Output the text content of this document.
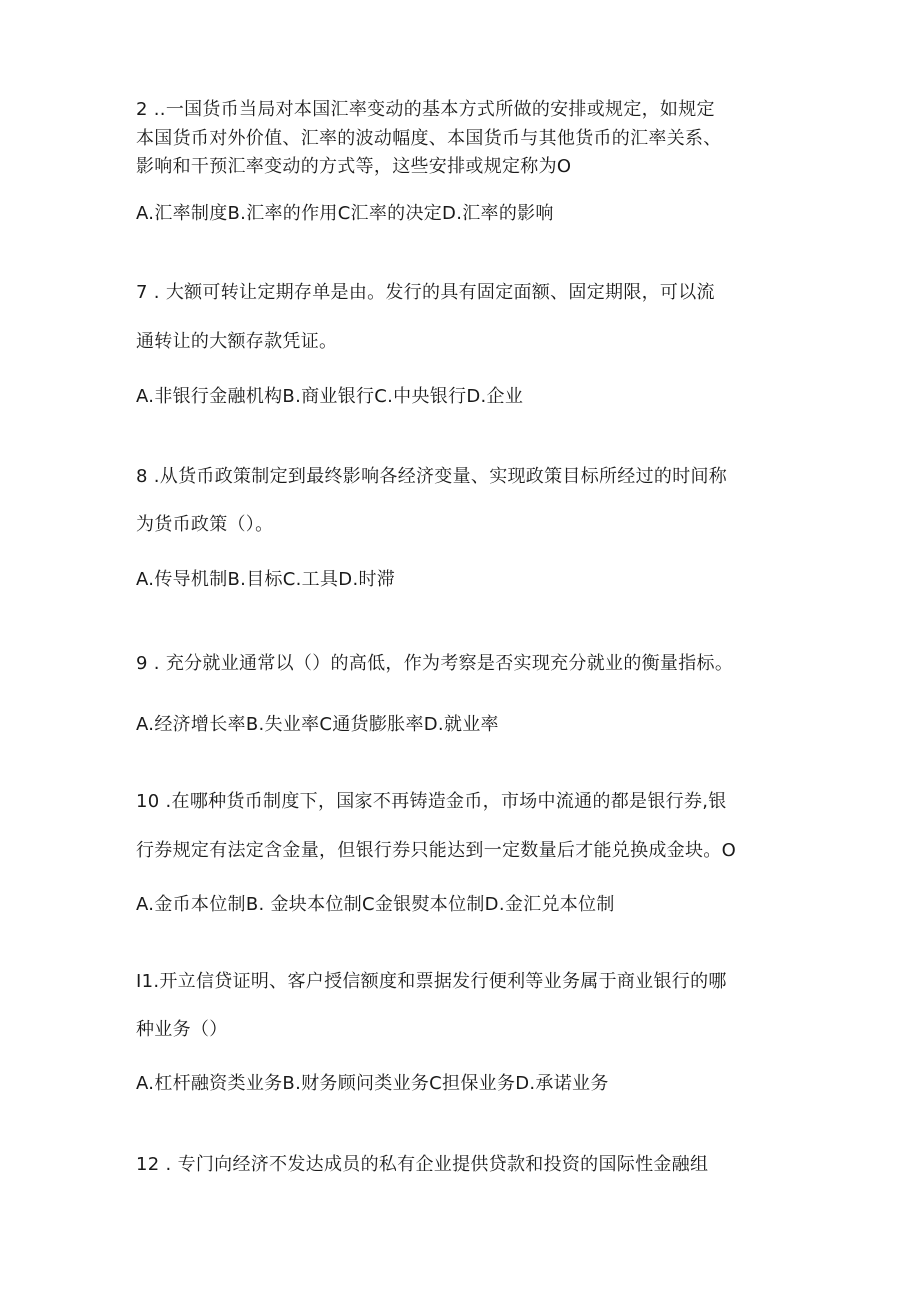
2 ..一国货币当局对本国汇率变动的基本方式所做的安排或规定，如规定
本国货币对外价值、汇率的波动幅度、本国货币与其他货币的汇率关系、
影响和干预汇率变动的方式等，这些安排或规定称为O
A.汇率制度B.汇率的作用C汇率的决定D.汇率的影响
7 . 大额可转让定期存单是由。发行的具有固定面额、固定期限，可以流
通转让的大额存款凭证。
A.非银行金融机构B.商业银行C.中央银行D.企业
8 .从货币政策制定到最终影响各经济变量、实现政策目标所经过的时间称
为货币政策（）。
A.传导机制B.目标C.工具D.时滞
9 . 充分就业通常以（）的高低，作为考察是否实现充分就业的衡量指标。
A.经济增长率B.失业率C通货膨胀率D.就业率
10 .在哪种货币制度下，国家不再铸造金币，市场中流通的都是银行券,银
行券规定有法定含金量，但银行券只能达到一定数量后才能兑换成金块。O
A.金币本位制B. 金块本位制C金银熨本位制D.金汇兑本位制
I1.开立信贷证明、客户授信额度和票据发行便利等业务属于商业银行的哪
种业务（）
A.杠杆融资类业务B.财务顾问类业务C担保业务D.承诺业务
12 . 专门向经济不发达成员的私有企业提供贷款和投资的国际性金融组
